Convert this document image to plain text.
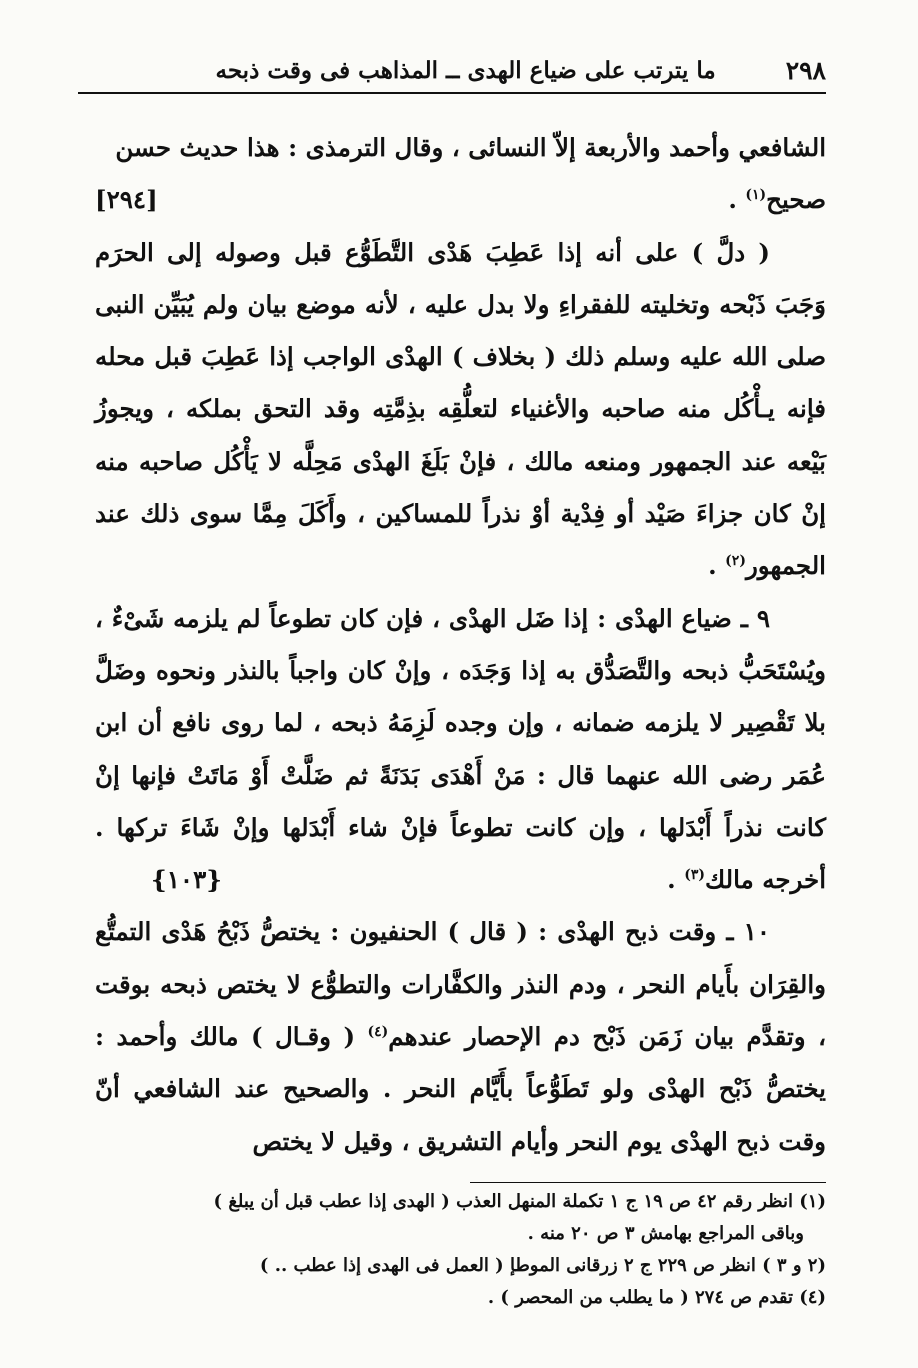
٢٩٨
ما يترتب على ضياع الهدى ــ المذاهب فى وقت ذبحه

الشافعي وأحمد والأربعة إلاّ النسائى ، وقال الترمذى : هذا حديث حسن

[٢٩٤]	صحيح$^{(١)}$ .

( دلَّ ) على أنه إذا عَطِبَ هَدْى التَّطَوُّع قبل وصوله إلى الحرَم وَجَبَ ذَبْحه وتخليته للفقراءِ ولا بدل عليه ، لأنه موضع بيان ولم يُبَيِّن النبى صلى الله عليه وسلم ذلك ( بخلاف ) الهدْى الواجب إذا عَطِبَ قبل محله فإنه يـأْكُل منه صاحبه والأغنياء لتعلُّقِه بذِمَّتِه وقد التحق بملكه ، ويجوزُ بَيْعه عند الجمهور ومنعه مالك ، فإنْ بَلَغَ الهدْى مَحِلَّه لا يَأْكُل صاحبه منه إنْ كان جزاءَ صَيْد أو فِدْية أوْ نذراً للمساكين ، وأَكَلَ مِمَّا سوى ذلك عند الجمهور$^{(٢)}$ .

٩ ـ ضياع الهدْى : إذا ضَل الهدْى ، فإن كان تطوعاً لم يلزمه شَىْءٌ ، ويُسْتَحَبُّ ذبحه والتَّصَدُّق به إذا وَجَدَه ، وإنْ كان واجباً بالنذر ونحوه وضَلَّ بلا تَقْصِير لا يلزمه ضمانه ، وإن وجده لَزِمَهُ ذبحه ، لما روى نافع أن ابن عُمَر رضى الله عنهما قال : مَنْ أَهْدَى بَدَنَةً ثم ضَلَّتْ أَوْ مَاتَتْ فإنها إنْ كانت نذراً أَبْدَلها ، وإن كانت تطوعاً فإنْ شاء أَبْدَلها وإنْ شَاءَ تركها . أخرجه مالك$^{(٣)}$ .
{١٠٣}

١٠ ـ وقت ذبح الهدْى : ( قال ) الحنفيون : يختصُّ ذَبْحُ هَدْى التمتُّع والقِرَان بأَيام النحر ، ودم النذر والكفَّارات والتطوُّع لا يختص ذبحه بوقت ، وتقدَّم بيان زَمَن ذَبْح دم الإحصار عندهم$^{(٤)}$ ( وقـال ) مالك وأحمد : يختصُّ ذَبْح الهدْى ولو تَطَوُّعاً بأَيَّام النحر . والصحيح عند الشافعي أنّ وقت ذبح الهدْى يوم النحر وأيام التشريق ، وقيل لا يختص

(١) انظر رقم ٤٢ ص ١٩ ج ١ تكملة المنهل العذب ( الهدى إذا عطب قبل أن يبلغ )

وباقى المراجع بهامش ٣ ص ٢٠ منه .

(٢ و ٣ ) انظر ص ٢٢٩ ج ٢ زرقانى الموطإ ( العمل فى الهدى إذا عطب .. )

(٤) تقدم ص ٢٧٤ ( ما يطلب من المحصر ) .
